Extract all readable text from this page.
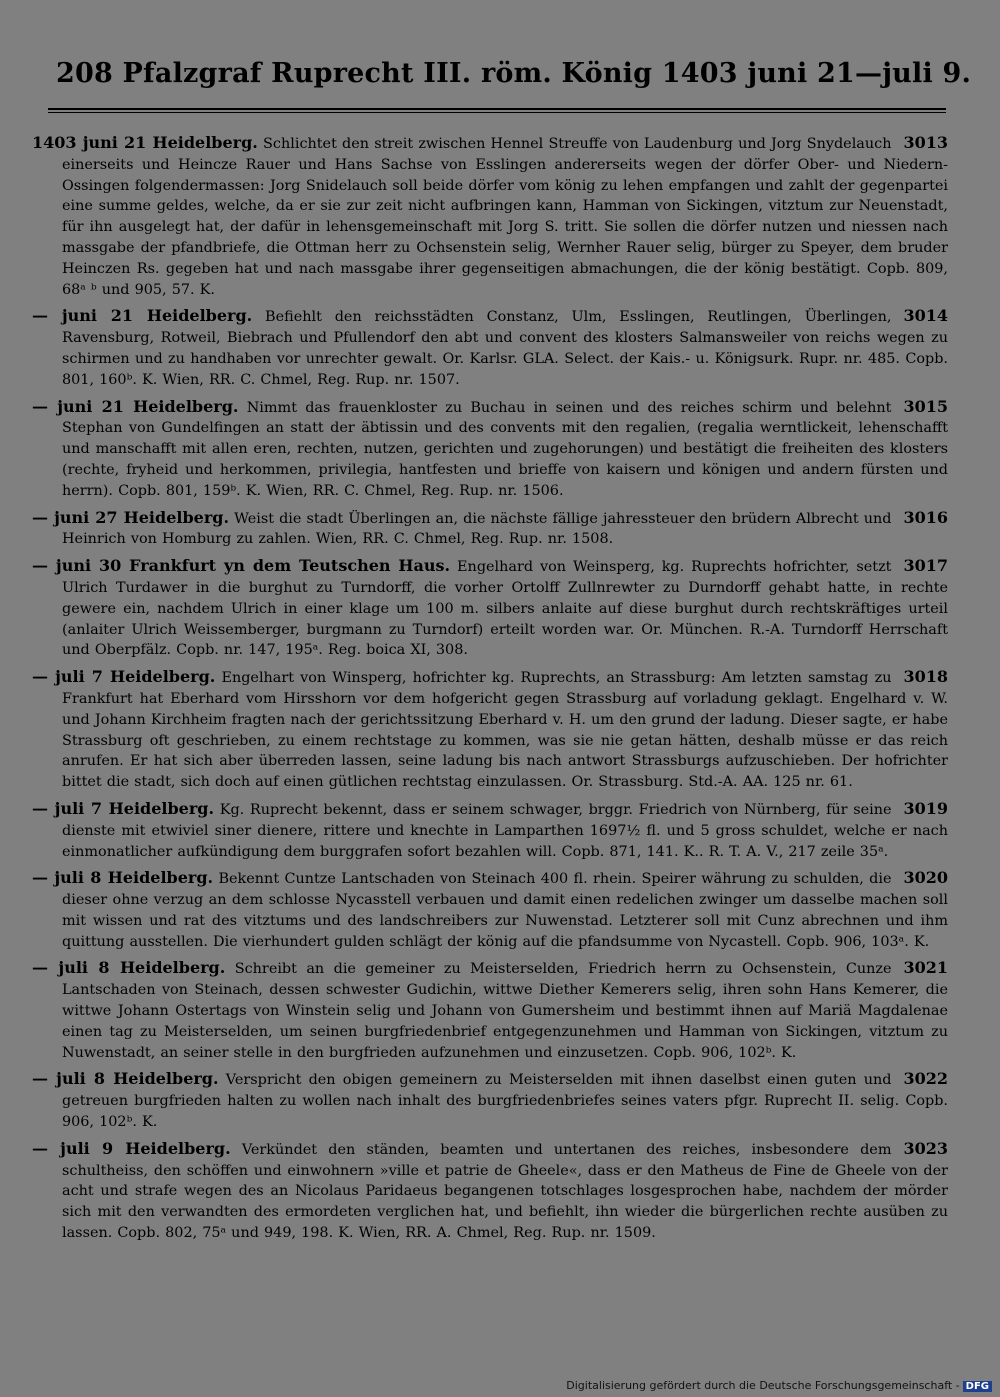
208 Pfalzgraf Ruprecht III. röm. König 1403 juni 21—juli 9.

3013
1403 juni 21 Heidelberg. Schlichtet den streit zwischen Hennel Streuffe von Laudenburg und Jorg Snydelauch einerseits und Heincze Rauer und Hans Sachse von Esslingen andererseits wegen der dörfer Ober- und Niedern-Ossingen folgendermassen: Jorg Snidelauch soll beide dörfer vom könig zu lehen empfangen und zahlt der gegenpartei eine summe geldes, welche, da er sie zur zeit nicht aufbringen kann, Hamman von Sickingen, vitztum zur Neuenstadt, für ihn ausgelegt hat, der dafür in lehensgemeinschaft mit Jorg S. tritt. Sie sollen die dörfer nutzen und niessen nach massgabe der pfandbriefe, die Ottman herr zu Ochsenstein selig, Wernher Rauer selig, bürger zu Speyer, dem bruder Heinczen Rs. gegeben hat und nach massgabe ihrer gegenseitigen abmachungen, die der könig bestätigt. Copb. 809, 68ᵃ ᵇ und 905, 57. K.

3014
— juni 21 Heidelberg. Befiehlt den reichsstädten Constanz, Ulm, Esslingen, Reutlingen, Überlingen, Ravensburg, Rotweil, Biebrach und Pfullendorf den abt und convent des klosters Salmansweiler von reichs wegen zu schirmen und zu handhaben vor unrechter gewalt. Or. Karlsr. GLA. Select. der Kais.- u. Königsurk. Rupr. nr. 485. Copb. 801, 160ᵇ. K. Wien, RR. C. Chmel, Reg. Rup. nr. 1507.

3015
— juni 21 Heidelberg. Nimmt das frauenkloster zu Buchau in seinen und des reiches schirm und belehnt Stephan von Gundelfingen an statt der äbtissin und des convents mit den regalien, (regalia werntlickeit, lehenschafft und manschafft mit allen eren, rechten, nutzen, gerichten und zugehorungen) und bestätigt die freiheiten des klosters (rechte, fryheid und herkommen, privilegia, hantfesten und brieffe von kaisern und königen und andern fürsten und herrn). Copb. 801, 159ᵇ. K. Wien, RR. C. Chmel, Reg. Rup. nr. 1506.

3016
— juni 27 Heidelberg. Weist die stadt Überlingen an, die nächste fällige jahressteuer den brüdern Albrecht und Heinrich von Homburg zu zahlen. Wien, RR. C. Chmel, Reg. Rup. nr. 1508.

3017
— juni 30 Frankfurt yn dem Teutschen Haus. Engelhard von Weinsperg, kg. Ruprechts hofrichter, setzt Ulrich Turdawer in die burghut zu Turndorff, die vorher Ortolff Zullnrewter zu Durndorff gehabt hatte, in rechte gewere ein, nachdem Ulrich in einer klage um 100 m. silbers anlaite auf diese burghut durch rechtskräftiges urteil (anlaiter Ulrich Weissemberger, burgmann zu Turndorf) erteilt worden war. Or. München. R.-A. Turndorff Herrschaft und Oberpfälz. Copb. nr. 147, 195ᵃ. Reg. boica XI, 308.

3018
— juli 7 Heidelberg. Engelhart von Winsperg, hofrichter kg. Ruprechts, an Strassburg: Am letzten samstag zu Frankfurt hat Eberhard vom Hirsshorn vor dem hofgericht gegen Strassburg auf vorladung geklagt. Engelhard v. W. und Johann Kirchheim fragten nach der gerichtssitzung Eberhard v. H. um den grund der ladung. Dieser sagte, er habe Strassburg oft geschrieben, zu einem rechtstage zu kommen, was sie nie getan hätten, deshalb müsse er das reich anrufen. Er hat sich aber überreden lassen, seine ladung bis nach antwort Strassburgs aufzuschieben. Der hofrichter bittet die stadt, sich doch auf einen gütlichen rechtstag einzulassen. Or. Strassburg. Std.-A. AA. 125 nr. 61.

3019
— juli 7 Heidelberg. Kg. Ruprecht bekennt, dass er seinem schwager, brggr. Friedrich von Nürnberg, für seine dienste mit etwiviel siner dienere, rittere und knechte in Lamparthen 1697½ fl. und 5 gross schuldet, welche er nach einmonatlicher aufkündigung dem burggrafen sofort bezahlen will. Copb. 871, 141. K.. R. T. A. V., 217 zeile 35ᵃ.

3020
— juli 8 Heidelberg. Bekennt Cuntze Lantschaden von Steinach 400 fl. rhein. Speirer währung zu schulden, die dieser ohne verzug an dem schlosse Nycasstell verbauen und damit einen redelichen zwinger um dasselbe machen soll mit wissen und rat des vitztums und des landschreibers zur Nuwenstad. Letzterer soll mit Cunz abrechnen und ihm quittung ausstellen. Die vierhundert gulden schlägt der könig auf die pfandsumme von Nycastell. Copb. 906, 103ᵃ. K.

3021
— juli 8 Heidelberg. Schreibt an die gemeiner zu Meisterselden, Friedrich herrn zu Ochsenstein, Cunze Lantschaden von Steinach, dessen schwester Gudichin, wittwe Diether Kemerers selig, ihren sohn Hans Kemerer, die wittwe Johann Ostertags von Winstein selig und Johann von Gumersheim und bestimmt ihnen auf Mariä Magdalenae einen tag zu Meisterselden, um seinen burgfriedenbrief entgegenzunehmen und Hamman von Sickingen, vitztum zu Nuwenstadt, an seiner stelle in den burgfrieden aufzunehmen und einzusetzen. Copb. 906, 102ᵇ. K.

3022
— juli 8 Heidelberg. Verspricht den obigen gemeinern zu Meisterselden mit ihnen daselbst einen guten und getreuen burgfrieden halten zu wollen nach inhalt des burgfriedenbriefes seines vaters pfgr. Ruprecht II. selig. Copb. 906, 102ᵇ. K.

3023
— juli 9 Heidelberg. Verkündet den ständen, beamten und untertanen des reiches, insbesondere dem schultheiss, den schöffen und einwohnern »ville et patrie de Gheele«, dass er den Matheus de Fine de Gheele von der acht und strafe wegen des an Nicolaus Paridaeus begangenen totschlages losgesprochen habe, nachdem der mörder sich mit den verwandten des ermordeten verglichen hat, und befiehlt, ihn wieder die bürgerlichen rechte ausüben zu lassen. Copb. 802, 75ᵃ und 949, 198. K. Wien, RR. A. Chmel, Reg. Rup. nr. 1509.

Digitalisierung gefördert durch die Deutsche Forschungsgemeinschaft - DFG
